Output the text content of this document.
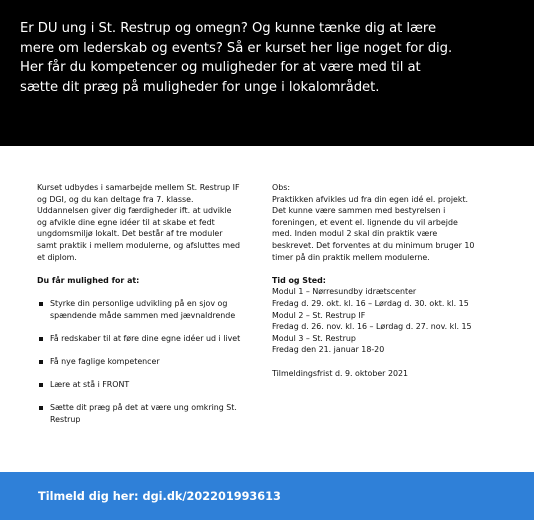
Er DU ung i St. Restrup og omegn? Og kunne tænke dig at lære
mere om lederskab og events? Så er kurset her lige noget for dig.
Her får du kompetencer og muligheder for at være med til at
sætte dit præg på muligheder for unge i lokalområdet.

Kurset udbydes i samarbejde mellem St. Restrup IF
og DGI, og du kan deltage fra 7. klasse.
Uddannelsen giver dig færdigheder ift. at udvikle
og afvikle dine egne idéer til at skabe et fedt
ungdomsmiljø lokalt. Det består af tre moduler
samt praktik i mellem modulerne, og afsluttes med
et diplom.

Du får mulighed for at:

Styrke din personlige udvikling på en sjov og
spændende måde sammen med jævnaldrende

Få redskaber til at føre dine egne idéer ud i livet

Få nye faglige kompetencer

Lære at stå i FRONT

Sætte dit præg på det at være ung omkring St.
Restrup

Obs:

Praktikken afvikles ud fra din egen idé el. projekt.
Det kunne være sammen med bestyrelsen i
foreningen, et event el. lignende du vil arbejde
med. Inden modul 2 skal din praktik være
beskrevet. Det forventes at du minimum bruger 10
timer på din praktik mellem modulerne.

Tid og Sted:

Modul 1 – Nørresundby idrætscenter

Fredag d. 29. okt. kl. 16 – Lørdag d. 30. okt. kl. 15

Modul 2 – St. Restrup IF

Fredag d. 26. nov. kl. 16 – Lørdag d. 27. nov. kl. 15

Modul 3 – St. Restrup

Fredag den 21. januar 18-20

Tilmeldingsfrist d. 9. oktober 2021

Tilmeld dig her: dgi.dk/202201993613
